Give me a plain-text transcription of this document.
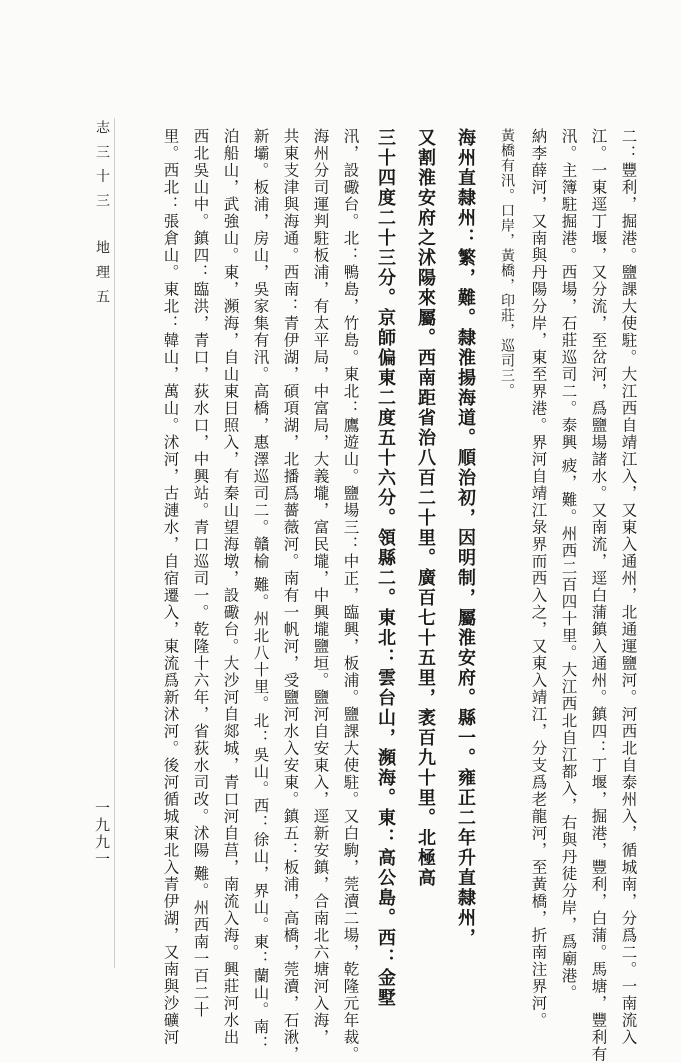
志 三 十 三地 理 五
一九九一	二：豐利，掘港。鹽課大使駐。大江西自靖江入，又東入通州，北通運鹽河。河西北自泰州入，循城南，分爲二。一南流入
江。一東逕丁堰，又分流，至岔河，爲鹽場諸水。又南流，逕白蒲鎮入通州。鎮四：丁堰，掘港，豐利，白蒲。馬塘，豐利有
汛。主簿駐掘港。西場，石莊巡司二。泰興 疲，難。州西二百四十里。大江西北自江都入，右與丹徒分岸，爲廟港。
納李薛河，又南與丹陽分岸，東至界港。界河自靖江彔界而西入之，又東入靖江，分支爲老龍河，至黃橋，折南注界河。
黃橋有汛。口岸，黃橋，印莊，巡司三。
海州直隸州：繁，難。隸淮揚海道。順治初，因明制，屬淮安府。縣一。雍正二年升直隸州，
又割淮安府之沭陽來屬。西南距省治八百二十里。廣百七十五里，袤百九十里。北極高
三十四度二十三分。京師偏東二度五十六分。領縣二。東北：雲台山，瀕海。東：高公島。西：金墅
汛，設礮台。北：鴨島，竹島。東北：鷹遊山。鹽場三：中正，臨興，板浦。鹽課大使駐。又白駒，莞瀆二場，乾隆元年裁。
海州分司運判駐板浦，有太平局，中富局，大義壠，富民壠，中興壠鹽垣。鹽河自安東入，逕新安鎮，合南北六塘河入海，
共東支津與海通。西南：青伊湖，碩項湖，北播爲薔薇河。南有一帆河，受鹽河水入安東。鎮五：板浦，高橋，莞瀆，石湫，
新壩。板浦，房山，吳家集有汛。高橋，惠澤巡司二。贛榆 難。州北八十里。北：吳山。西：徐山，界山。東：蘭山。南：
泊船山，武強山。東，瀕海，自山東日照入，有秦山望海墩，設礮台。大沙河自郯城，青口河自莒，南流入海。興莊河水出
西北吳山中。鎮四：臨洪，青口，荻水口，中興站。青口巡司一。乾隆十六年，省荻水司改。沭陽 難。州西南一百二十
里。西北：張倉山。東北：韓山，萬山。沭河，古漣水，自宿遷入，東流爲新沭河。後河循城東北入青伊湖，又南與沙礦河
